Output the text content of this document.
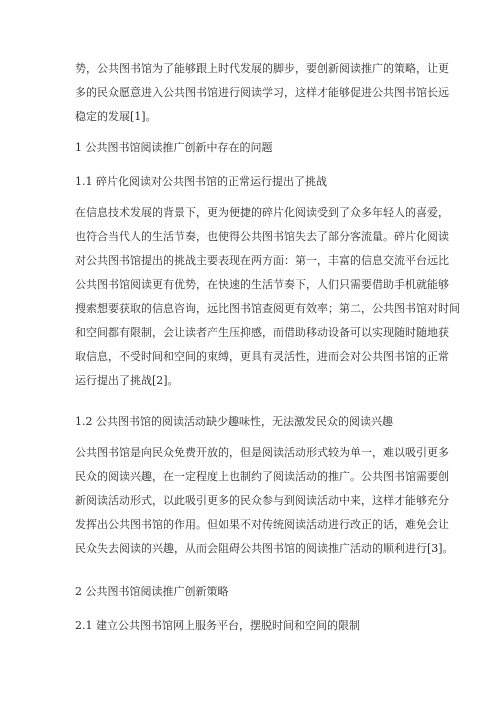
势，公共图书馆为了能够跟上时代发展的脚步，要创新阅读推广的策略，让更
多的民众愿意进入公共图书馆进行阅读学习，这样才能够促进公共图书馆长远
稳定的发展[1]。
1 公共图书馆阅读推广创新中存在的问题
1.1 碎片化阅读对公共图书馆的正常运行提出了挑战
在信息技术发展的背景下，更为便捷的碎片化阅读受到了众多年轻人的喜爱，
也符合当代人的生活节奏，也使得公共图书馆失去了部分客流量。碎片化阅读
对公共图书馆提出的挑战主要表现在两方面：第一，丰富的信息交流平台远比
公共图书馆阅读更有优势，在快速的生活节奏下，人们只需要借助手机就能够
搜索想要获取的信息咨询，远比图书馆查阅更有效率；第二，公共图书馆对时间
和空间都有限制，会让读者产生压抑感，而借助移动设备可以实现随时随地获
取信息，不受时间和空间的束缚，更具有灵活性，进而会对公共图书馆的正常
运行提出了挑战[2]。
1.2 公共图书馆的阅读活动缺少趣味性，无法激发民众的阅读兴趣
公共图书馆是向民众免费开放的，但是阅读活动形式较为单一，难以吸引更多
民众的阅读兴趣，在一定程度上也制约了阅读活动的推广。公共图书馆需要创
新阅读活动形式，以此吸引更多的民众参与到阅读活动中来，这样才能够充分
发挥出公共图书馆的作用。但如果不对传统阅读活动进行改正的话，难免会让
民众失去阅读的兴趣，从而会阻碍公共图书馆的阅读推广活动的顺利进行[3]。
2 公共图书馆阅读推广创新策略
2.1 建立公共图书馆网上服务平台，摆脱时间和空间的限制
